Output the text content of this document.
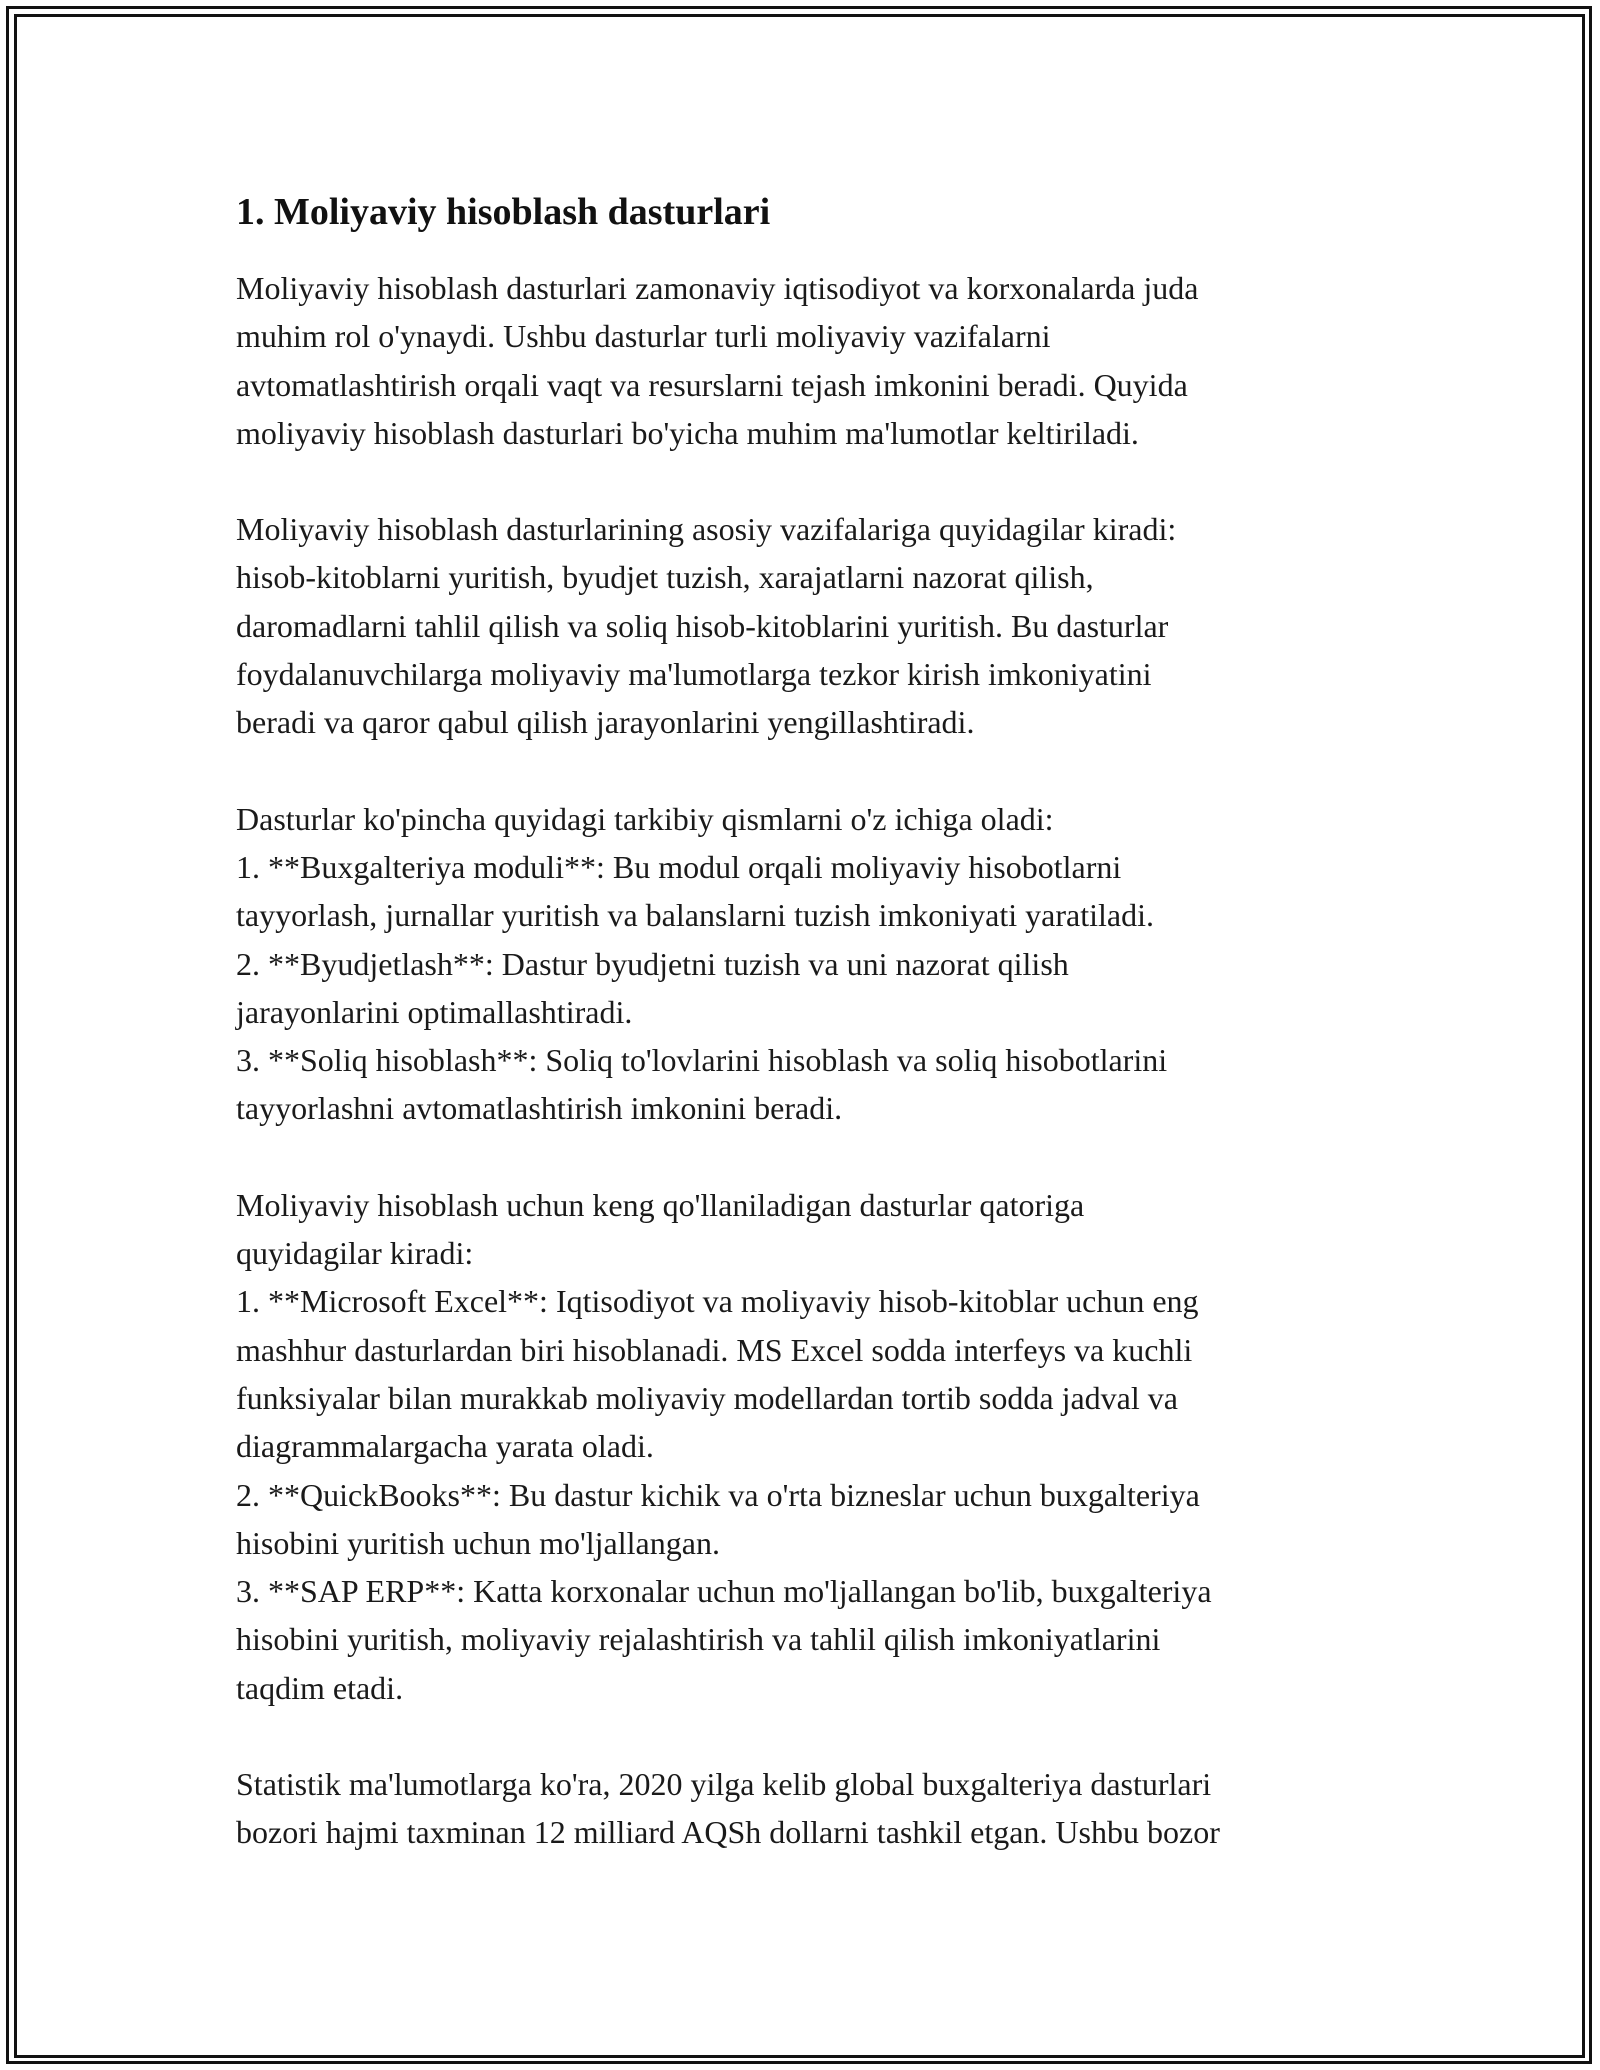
1. Moliyaviy hisoblash dasturlari

Moliyaviy hisoblash dasturlari zamonaviy iqtisodiyot va korxonalarda juda
muhim rol o'ynaydi. Ushbu dasturlar turli moliyaviy vazifalarni
avtomatlashtirish orqali vaqt va resurslarni tejash imkonini beradi. Quyida
moliyaviy hisoblash dasturlari bo'yicha muhim ma'lumotlar keltiriladi.

Moliyaviy hisoblash dasturlarining asosiy vazifalariga quyidagilar kiradi:
hisob-kitoblarni yuritish, byudjet tuzish, xarajatlarni nazorat qilish,
daromadlarni tahlil qilish va soliq hisob-kitoblarini yuritish. Bu dasturlar
foydalanuvchilarga moliyaviy ma'lumotlarga tezkor kirish imkoniyatini
beradi va qaror qabul qilish jarayonlarini yengillashtiradi.

Dasturlar ko'pincha quyidagi tarkibiy qismlarni o'z ichiga oladi:
1. **Buxgalteriya moduli**: Bu modul orqali moliyaviy hisobotlarni
tayyorlash, jurnallar yuritish va balanslarni tuzish imkoniyati yaratiladi.
2. **Byudjetlash**: Dastur byudjetni tuzish va uni nazorat qilish
jarayonlarini optimallashtiradi.
3. **Soliq hisoblash**: Soliq to'lovlarini hisoblash va soliq hisobotlarini
tayyorlashni avtomatlashtirish imkonini beradi.

Moliyaviy hisoblash uchun keng qo'llaniladigan dasturlar qatoriga
quyidagilar kiradi:
1. **Microsoft Excel**: Iqtisodiyot va moliyaviy hisob-kitoblar uchun eng
mashhur dasturlardan biri hisoblanadi. MS Excel sodda interfeys va kuchli
funksiyalar bilan murakkab moliyaviy modellardan tortib sodda jadval va
diagrammalargacha yarata oladi.
2. **QuickBooks**: Bu dastur kichik va o'rta bizneslar uchun buxgalteriya
hisobini yuritish uchun mo'ljallangan.
3. **SAP ERP**: Katta korxonalar uchun mo'ljallangan bo'lib, buxgalteriya
hisobini yuritish, moliyaviy rejalashtirish va tahlil qilish imkoniyatlarini
taqdim etadi.

Statistik ma'lumotlarga ko'ra, 2020 yilga kelib global buxgalteriya dasturlari
bozori hajmi taxminan 12 milliard AQSh dollarni tashkil etgan. Ushbu bozor
